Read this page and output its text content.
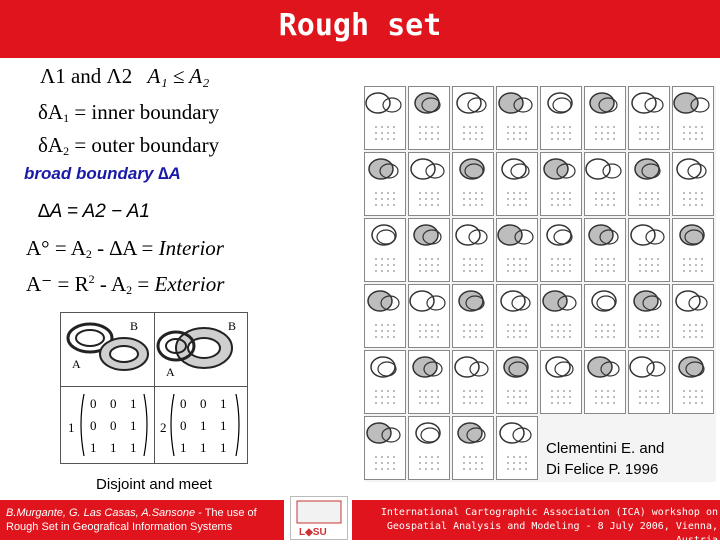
Rough set
Λ1 and Λ2 A₁ ≤ A₂
$\delta A_1$ = inner boundary
$\delta A_2$ = outer boundary
broad boundary ∆A
∆A = A2 − A1
$A^\circ = A_2 - \Delta A$ = Interior
$A^- = R^2 - A_2$ = Exterior
A
B
A
B
1
0 0 1
0 0 1
1 1 1
2
0 0 1
0 1 1
1 1 1
Disjoint and meet
Clementini E. and
Di Felice P. 1996
B.Murgante, G. Las Casas, A.Sansone - The use of Rough Set in Geografical Information Systems	L◆SU
International Cartographic Association (ICA) workshop on
Geospatial Analysis and Modeling - 8 July 2006, Vienna, Austria
